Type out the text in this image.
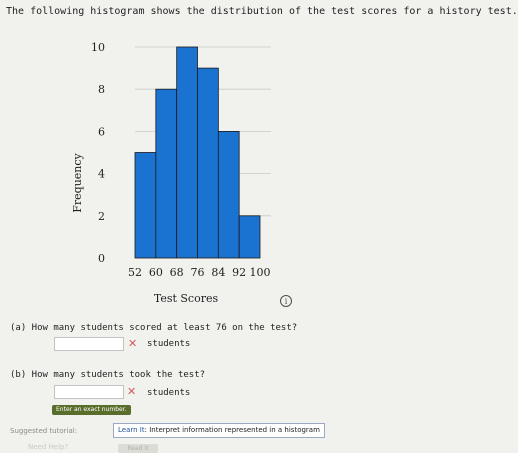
The following histogram shows the distribution of the test scores for a history test.
0
2
4
6
8
10
52 60 68 76 84 92 100
Frequency
Test Scores	i
(a) How many students scored at least 76 on the test?
✕ students
(b) How many students took the test?
✕ students
Enter an exact number.
Suggested tutorial:	Learn It: Interpret information represented in a histogram
Need Help?	Read It
